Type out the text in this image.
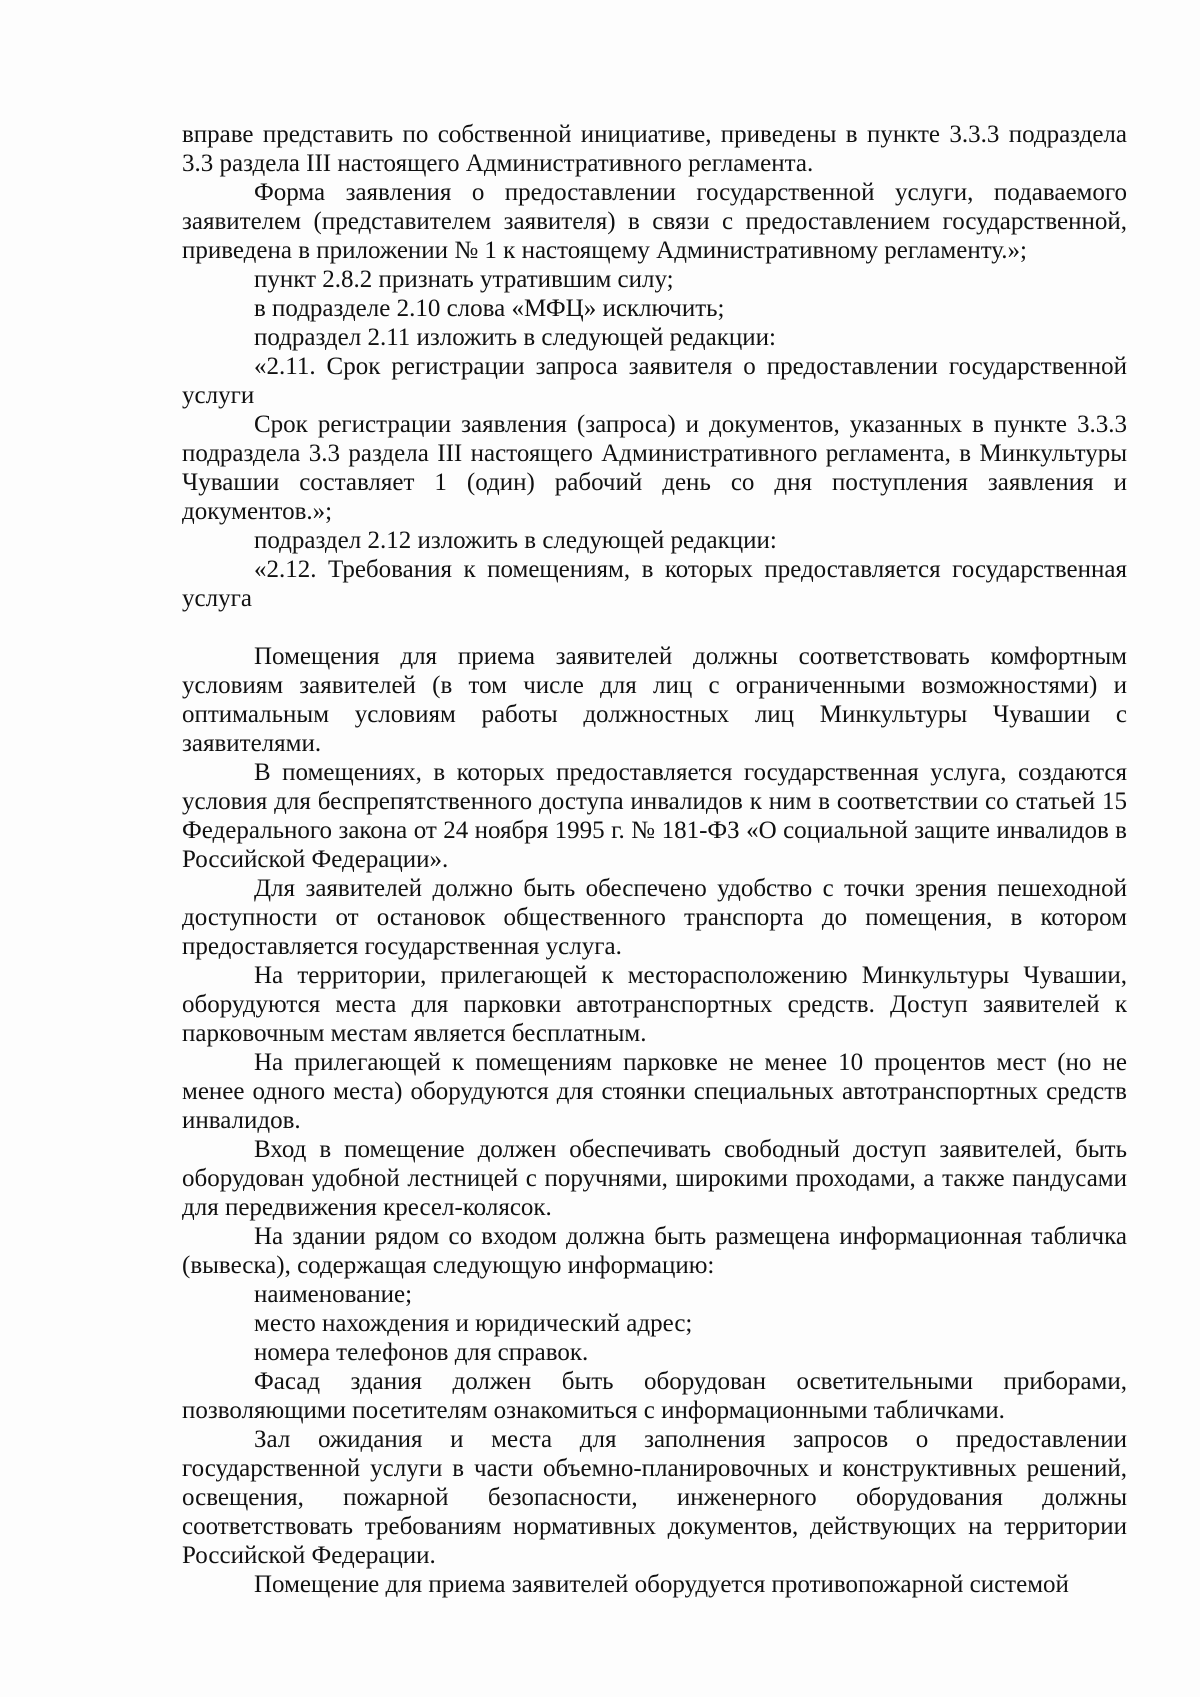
вправе представить по собственной инициативе, приведены в пункте 3.3.3 подраздела 3.3 раздела III настоящего Административного регламента.

Форма заявления о предоставлении государственной услуги, подаваемого заявителем (представителем заявителя) в связи с предоставлением государственной, приведена в приложении № 1 к настоящему Административному регламенту.»;

пункт 2.8.2 признать утратившим силу;

в подразделе 2.10 слова «МФЦ» исключить;

подраздел 2.11 изложить в следующей редакции:

«2.11. Срок регистрации запроса заявителя о предоставлении государственной услуги

Срок регистрации заявления (запроса) и документов, указанных в пункте 3.3.3 подраздела 3.3 раздела III настоящего Административного регламента, в Минкультуры Чувашии составляет 1 (один) рабочий день со дня поступления заявления и документов.»;

подраздел 2.12 изложить в следующей редакции:

«2.12. Требования к помещениям, в которых предоставляется государственная услуга

Помещения для приема заявителей должны соответствовать комфортным условиям заявителей (в том числе для лиц с ограниченными возможностями) и оптимальным условиям работы должностных лиц Минкультуры Чувашии с заявителями.

В помещениях, в которых предоставляется государственная услуга, создаются условия для беспрепятственного доступа инвалидов к ним в соответствии со статьей 15 Федерального закона от 24 ноября 1995 г. № 181-ФЗ «О социальной защите инвалидов в Российской Федерации».

Для заявителей должно быть обеспечено удобство с точки зрения пешеходной доступности от остановок общественного транспорта до помещения, в котором предоставляется государственная услуга.

На территории, прилегающей к месторасположению Минкультуры Чувашии, оборудуются места для парковки автотранспортных средств. Доступ заявителей к парковочным местам является бесплатным.

На прилегающей к помещениям парковке не менее 10 процентов мест (но не менее одного места) оборудуются для стоянки специальных автотранспортных средств инвалидов.

Вход в помещение должен обеспечивать свободный доступ заявителей, быть оборудован удобной лестницей с поручнями, широкими проходами, а также пандусами для передвижения кресел-колясок.

На здании рядом со входом должна быть размещена информационная табличка (вывеска), содержащая следующую информацию:

наименование;

место нахождения и юридический адрес;

номера телефонов для справок.

Фасад здания должен быть оборудован осветительными приборами, позволяющими посетителям ознакомиться с информационными табличками.

Зал ожидания и места для заполнения запросов о предоставлении государственной услуги в части объемно-планировочных и конструктивных решений, освещения, пожарной безопасности, инженерного оборудования должны соответствовать требованиям нормативных документов, действующих на территории Российской Федерации.

Помещение для приема заявителей оборудуется противопожарной системой
